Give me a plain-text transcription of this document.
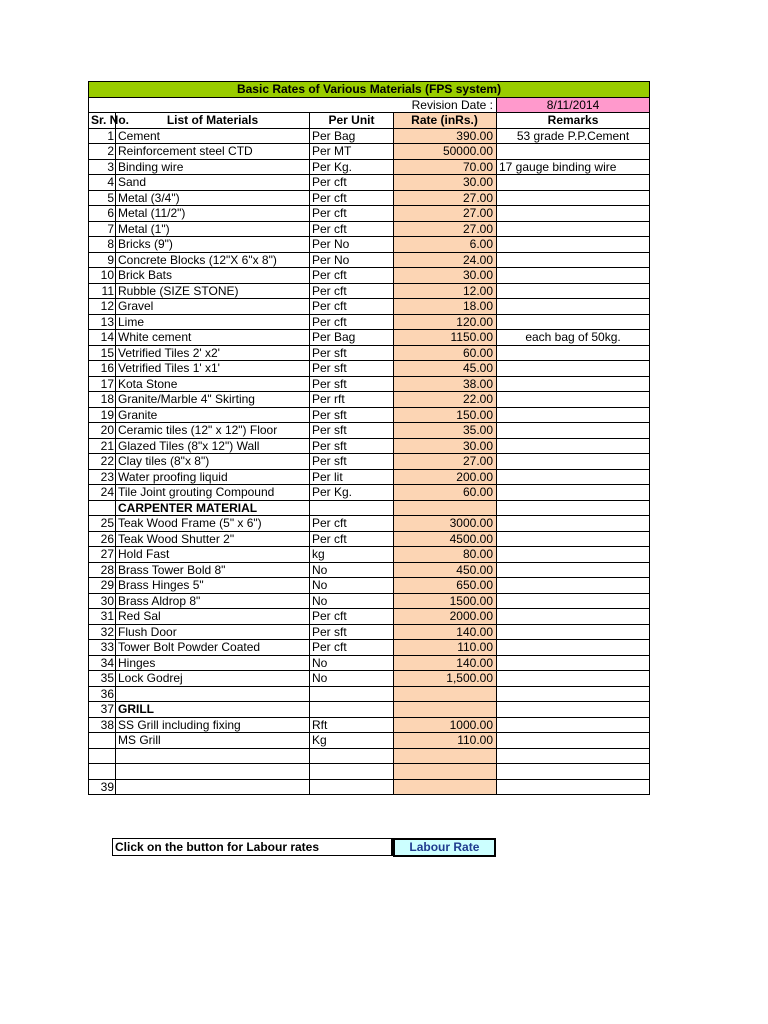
Basic Rates of Various Materials (FPS system)				
Revision Date :				8/11/2014
Sr. No.	List of Materials	Per Unit	Rate (inRs.)	Remarks
1	Cement	Per Bag	390.00	53 grade P.P.Cement
2	Reinforcement steel CTD	Per MT	50000.00	
3	Binding wire	Per Kg.	70.00	17 gauge binding wire
4	Sand	Per cft	30.00	
5	Metal (3/4")	Per cft	27.00	
6	Metal (11/2")	Per cft	27.00	
7	Metal (1")	Per cft	27.00	
8	Bricks (9")	Per No	6.00	
9	Concrete Blocks (12"X 6"x 8")	Per No	24.00	
10	Brick Bats	Per cft	30.00	
11	Rubble (SIZE STONE)	Per cft	12.00	
12	Gravel	Per cft	18.00	
13	Lime	Per cft	120.00	
14	White cement	Per Bag	1150.00	each bag of 50kg.
15	Vetrified Tiles 2' x2'	Per sft	60.00	
16	Vetrified Tiles 1' x1'	Per sft	45.00	
17	Kota Stone	Per sft	38.00	
18	Granite/Marble 4" Skirting	Per rft	22.00	
19	Granite	Per sft	150.00	
20	Ceramic tiles (12" x 12") Floor	Per sft	35.00	
21	Glazed Tiles (8"x 12") Wall	Per sft	30.00	
22	Clay tiles (8"x 8")	Per sft	27.00	
23	Water proofing liquid	Per lit	200.00	
24	Tile Joint grouting Compound	Per Kg.	60.00	
	CARPENTER MATERIAL			
25	Teak Wood Frame (5" x 6")	Per cft	3000.00	
26	Teak Wood Shutter 2"	Per cft	4500.00	
27	Hold Fast	kg	80.00	
28	Brass Tower Bold 8"	No	450.00	
29	Brass Hinges 5"	No	650.00	
30	Brass Aldrop 8"	No	1500.00	
31	Red Sal	Per cft	2000.00	
32	Flush Door	Per sft	140.00	
33	Tower Bolt Powder Coated	Per cft	110.00	
34	Hinges	No	140.00	
35	Lock Godrej	No	1,500.00	
36				
37	GRILL			
38	SS Grill including fixing	Rft	1000.00	
	MS Grill	Kg	110.00	

39				
Click on the button for Labour rates	Labour Rate
